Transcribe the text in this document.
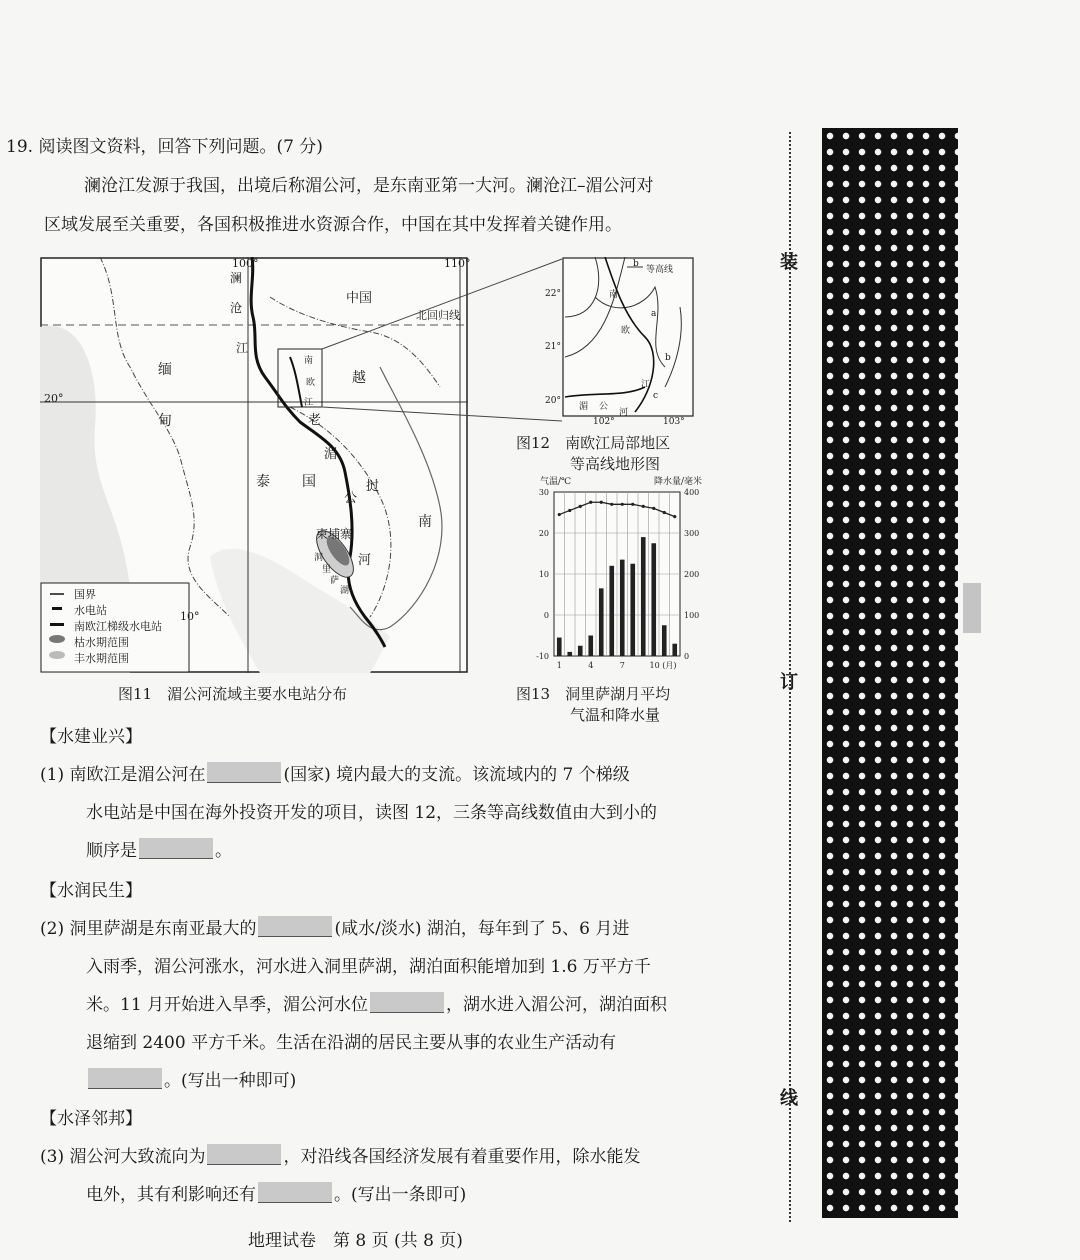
19. 阅读图文资料，回答下列问题。(7 分)
澜沧江发源于我国，出境后称湄公河，是东南亚第一大河。澜沧江–湄公河对
区域发展至关重要，各国积极推进水资源合作，中国在其中发挥着关键作用。
100°	110°
20°
10°
北回归线
中国
缅
甸
泰 国
老
越
南
澜
沧
江
湄
公
河
挝
柬埔寨
洞
里
萨
湖
南
欧
江
国界
水电站
南欧江梯级水电站
枯水期范围
丰水期范围
图11　湄公河流域主要水电站分布
等高线
b
22°
21°
20°
102°	103°
a
b
c
南
欧
江
湄 公
河
图12　南欧江局部地区
等高线地形图
气温/℃	降水量/毫米
30
20
10
0
-10
400
300
200
100
0
1	4	7	10 (月)
图13　洞里萨湖月平均
气温和降水量
【水建业兴】
(1) 南欧江是湄公河在	(国家) 境内最大的支流。该流域内的 7 个梯级
水电站是中国在海外投资开发的项目，读图 12，三条等高线数值由大到小的
顺序是	。
【水润民生】
(2) 洞里萨湖是东南亚最大的	(咸水/淡水) 湖泊，每年到了 5、6 月进
入雨季，湄公河涨水，河水进入洞里萨湖，湖泊面积能增加到 1.6 万平方千
米。11 月开始进入旱季，湄公河水位	，湖水进入湄公河，湖泊面积
退缩到 2400 平方千米。生活在沿湖的居民主要从事的农业生产活动有
。(写出一种即可)
【水泽邻邦】
(3) 湄公河大致流向为	，对沿线各国经济发展有着重要作用，除水能发
电外，其有利影响还有	。(写出一条即可)
地理试卷　第 8 页 (共 8 页)
装
订
线
